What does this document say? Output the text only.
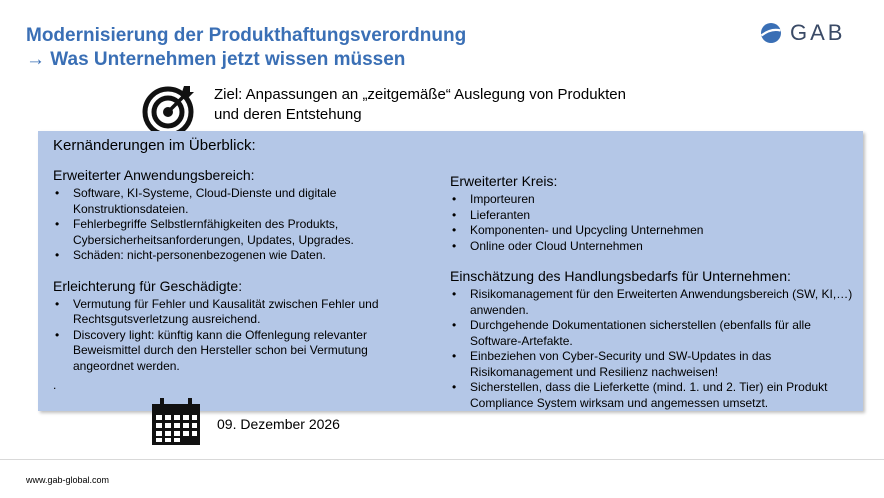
Modernisierung der Produkthaftungsverordnung
→ Was Unternehmen jetzt wissen müssen
GAB
Ziel: Anpassungen an „zeitgemäße“ Auslegung von Produkten und deren Entstehung
Kernänderungen im Überblick:
Erweiterter Anwendungsbereich:
• Software, KI-Systeme, Cloud-Dienste und digitale Konstruktionsdateien.
• Fehlerbegriffe Selbstlernfähigkeiten des Produkts, Cybersicherheitsanforderungen, Updates, Upgrades.
• Schäden: nicht-personenbezogenen wie Daten.
Erleichterung für Geschädigte:
• Vermutung für Fehler und Kausalität zwischen Fehler und Rechtsgutsverletzung ausreichend.
• Discovery light: künftig kann die Offenlegung relevanter Beweismittel durch den Hersteller schon bei Vermutung angeordnet werden.
.
Erweiterter Kreis:
• Importeuren
• Lieferanten
• Komponenten- und Upcycling Unternehmen
• Online oder Cloud Unternehmen
Einschätzung des Handlungsbedarfs für Unternehmen:
• Risikomanagement für den Erweiterten Anwendungsbereich (SW, KI,…) anwenden.
• Durchgehende Dokumentationen sicherstellen (ebenfalls für alle Software-Artefakte.
• Einbeziehen von Cyber-Security und SW-Updates in das Risikomanagement und Resilienz nachweisen!
• Sicherstellen, dass die Lieferkette (mind. 1. und 2. Tier) ein Produkt Compliance System wirksam und angemessen umsetzt.
09. Dezember 2026
www.gab-global.com
